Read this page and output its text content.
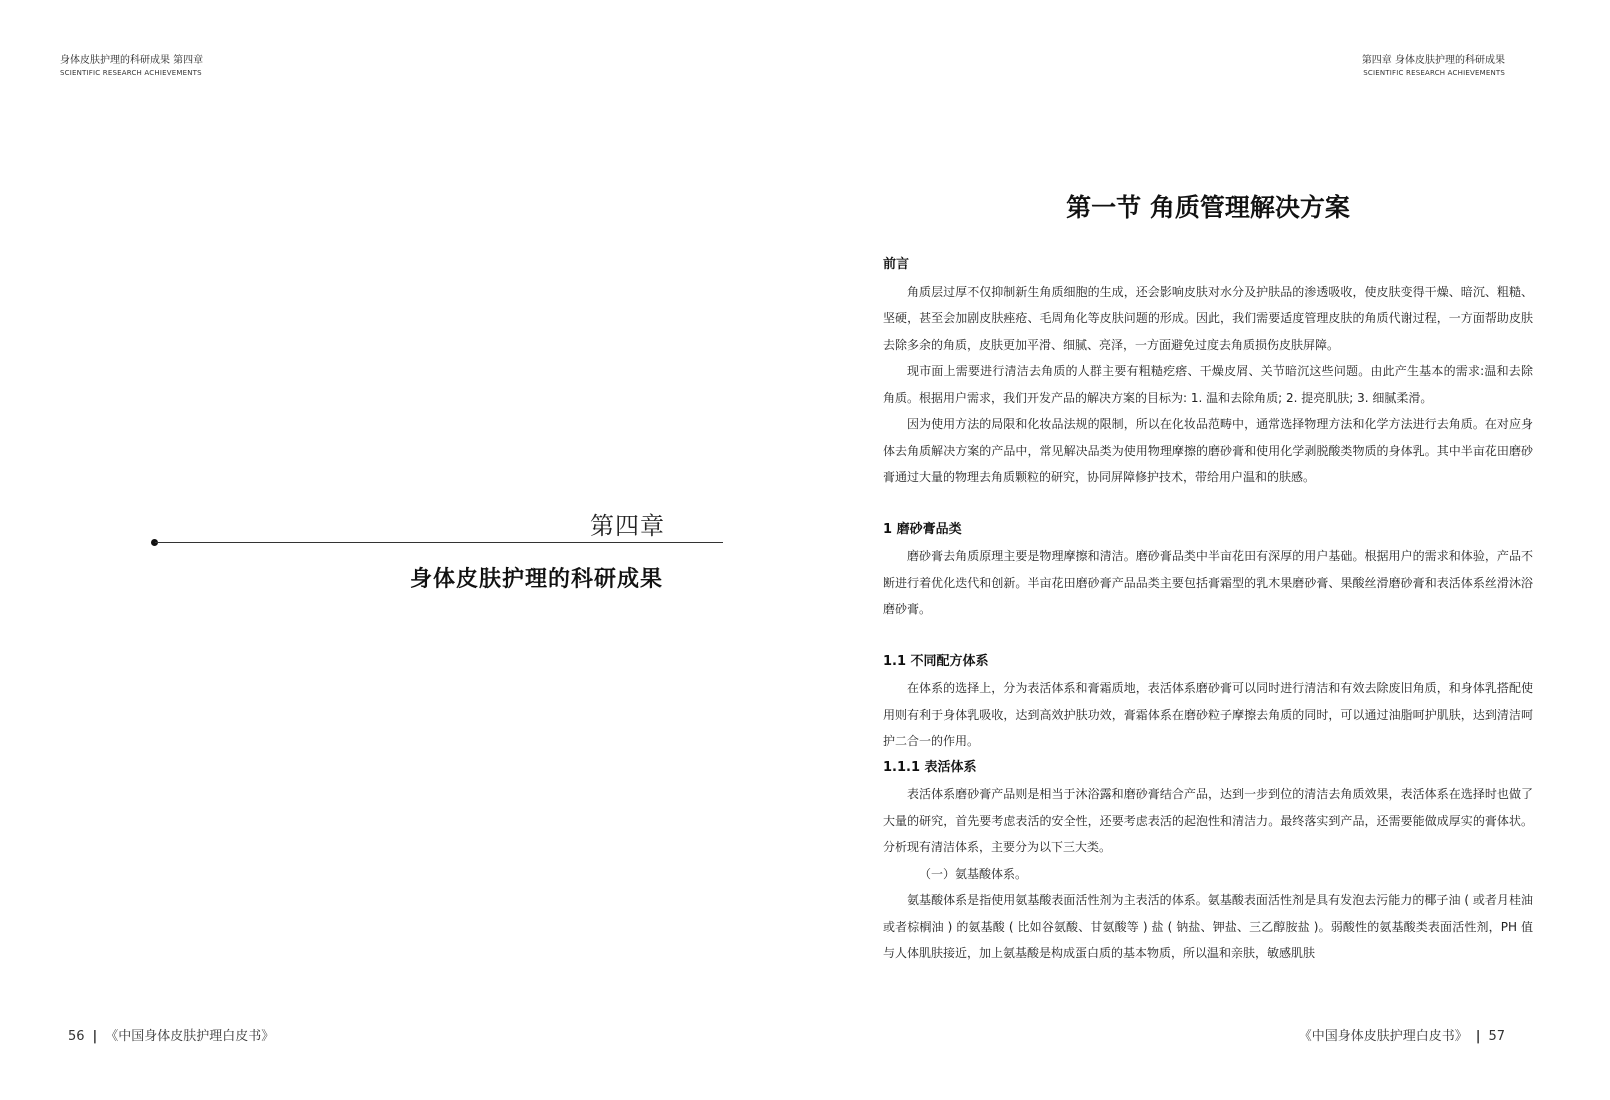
身体皮肤护理的科研成果 第四章
SCIENTIFIC RESEARCH ACHIEVEMENTS
第四章
身体皮肤护理的科研成果
56 | 《中国身体皮肤护理白皮书》
第四章 身体皮肤护理的科研成果
SCIENTIFIC RESEARCH ACHIEVEMENTS
第一节 角质管理解决方案

前言

角质层过厚不仅抑制新生角质细胞的生成，还会影响皮肤对水分及护肤品的渗透吸收，使皮肤变得干燥、暗沉、粗糙、坚硬，甚至会加剧皮肤痤疮、毛周角化等皮肤问题的形成。因此，我们需要适度管理皮肤的角质代谢过程，一方面帮助皮肤去除多余的角质，皮肤更加平滑、细腻、亮泽，一方面避免过度去角质损伤皮肤屏障。

现市面上需要进行清洁去角质的人群主要有粗糙疙瘩、干燥皮屑、关节暗沉这些问题。由此产生基本的需求:温和去除角质。根据用户需求，我们开发产品的解决方案的目标为: 1. 温和去除角质; 2. 提亮肌肤; 3. 细腻柔滑。

因为使用方法的局限和化妆品法规的限制，所以在化妆品范畴中，通常选择物理方法和化学方法进行去角质。在对应身体去角质解决方案的产品中，常见解决品类为使用物理摩擦的磨砂膏和使用化学剥脱酸类物质的身体乳。其中半亩花田磨砂膏通过大量的物理去角质颗粒的研究，协同屏障修护技术，带给用户温和的肤感。

1 磨砂膏品类

磨砂膏去角质原理主要是物理摩擦和清洁。磨砂膏品类中半亩花田有深厚的用户基础。根据用户的需求和体验，产品不断进行着优化迭代和创新。半亩花田磨砂膏产品品类主要包括膏霜型的乳木果磨砂膏、果酸丝滑磨砂膏和表活体系丝滑沐浴磨砂膏。

1.1 不同配方体系

在体系的选择上，分为表活体系和膏霜质地，表活体系磨砂膏可以同时进行清洁和有效去除废旧角质，和身体乳搭配使用则有利于身体乳吸收，达到高效护肤功效，膏霜体系在磨砂粒子摩擦去角质的同时，可以通过油脂呵护肌肤，达到清洁呵护二合一的作用。

1.1.1 表活体系

表活体系磨砂膏产品则是相当于沐浴露和磨砂膏结合产品，达到一步到位的清洁去角质效果，表活体系在选择时也做了大量的研究，首先要考虑表活的安全性，还要考虑表活的起泡性和清洁力。最终落实到产品，还需要能做成厚实的膏体状。分析现有清洁体系，主要分为以下三大类。

（一）氨基酸体系。

氨基酸体系是指使用氨基酸表面活性剂为主表活的体系。氨基酸表面活性剂是具有发泡去污能力的椰子油 ( 或者月桂油或者棕榈油 ) 的氨基酸 ( 比如谷氨酸、甘氨酸等 ) 盐 ( 钠盐、钾盐、三乙醇胺盐 )。弱酸性的氨基酸类表面活性剂，PH 值与人体肌肤接近，加上氨基酸是构成蛋白质的基本物质，所以温和亲肤，敏感肌肤

《中国身体皮肤护理白皮书》 | 57
